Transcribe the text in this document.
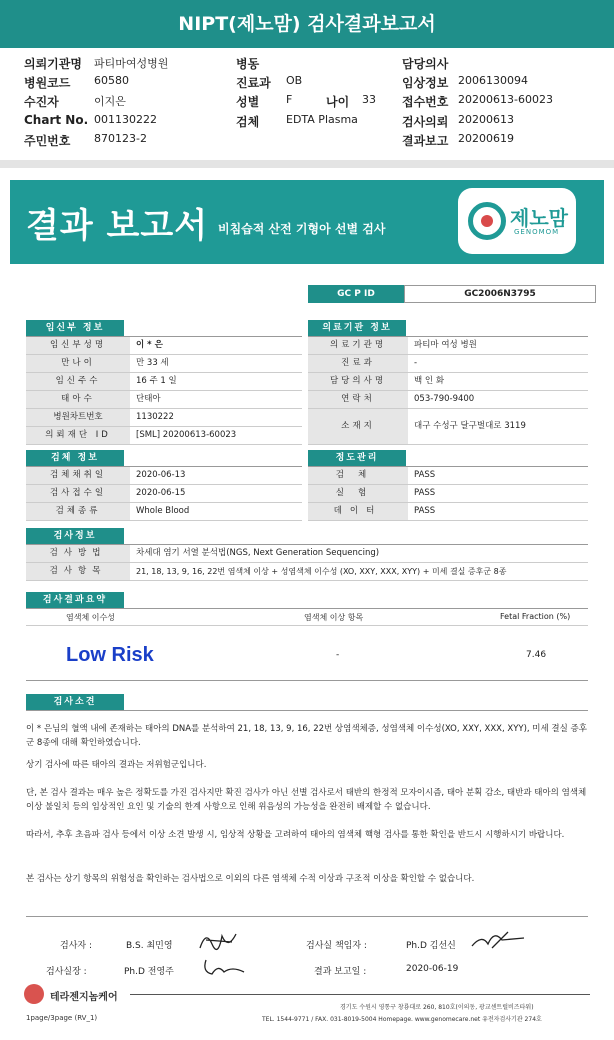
NIPT(제노맘) 검사결과보고서
의뢰기관명 파티마여성병원	병동	담당의사
병원코드 60580	진료과 OB	임상정보 2006130094
수진자	이지은	성별 F	나이 33 접수번호 20200613-60023
Chart No. 001130222	검체 EDTA Plasma	검사의뢰 20200613
주민번호 870123-2	결과보고 20200619
결과 보고서 비침습적 산전 기형아 선별 검사	제노맘
GENOMOM
GC P ID	GC2006N3795
임신부 정보
임신부성명	이 * 은
만나이	만 33 세
임신주수	16 주 1 일
태아수	단태아
병원차트번호	1130222
의뢰재단 ID	[SML] 20200613-60023
의료기관 정보
의료기관명	파티마 여성 병원
진료과	-
담당의사명	백 인 화
연락처	053-790-9400
소재지	대구 수성구 달구벌대로 3119
검체 정보
검체채취일	2020-06-13
검사접수일	2020-06-15
검체종류	Whole Blood
정도관리
검체	PASS
실험	PASS
데이터	PASS
검사정보
검사방법	차세대 염기 서열 분석법(NGS, Next Generation Sequencing)
검사항목	21, 18, 13, 9, 16, 22번 염색체 이상 + 성염색체 이수성 (XO, XXY, XXX, XYY) + 미세 결실 증후군 8종
검사결과요약
염색체 이수성	염색체 이상 항목	Fetal Fraction (%)
Low Risk	-	7.46
검사소견

이 * 은님의 혈액 내에 존재하는 태아의 DNA를 분석하여 21, 18, 13, 9, 16, 22번 상염색체증, 성염색체 이수성(XO, XXY, XXX, XYY), 미세 결실 증후군 8종에 대해 확인하였습니다.

상기 검사에 따른 태아의 결과는 저위험군입니다.

단, 본 검사 결과는 매우 높은 정확도를 가진 검사지만 확진 검사가 아닌 선별 검사로서 태반의 한정적 모자이시즘, 태아 분획 감소, 태반과 태아의 염색체 이상 불일치 등의 임상적인 요인 및 기술의 한계 사항으로 인해 위음성의 가능성을 완전히 배제할 수 없습니다.

따라서, 추후 초음파 검사 등에서 이상 소견 발생 시, 임상적 상황을 고려하여 태아의 염색체 핵형 검사를 통한 확인을 반드시 시행하시기 바랍니다.

본 검사는 상기 항목의 위험성을 확인하는 검사법으로 이외의 다른 염색체 수적 이상과 구조적 이상을 확인할 수 없습니다.

검사자 :	B.S. 최민영	검사실 책임자 :	Ph.D 김선신
검사실장 :	Ph.D 전영주	결과 보고일 :	2020-06-19
테라젠지놈케어
경기도 수원시 영통구 창룡대로 260, 810호(이의동, 광교센트럴비즈타워)
TEL. 1544-9771 / FAX. 031-8019-5004 Homepage. www.genomecare.net 유전자검사기관 274호
1page/3page (RV_1)
